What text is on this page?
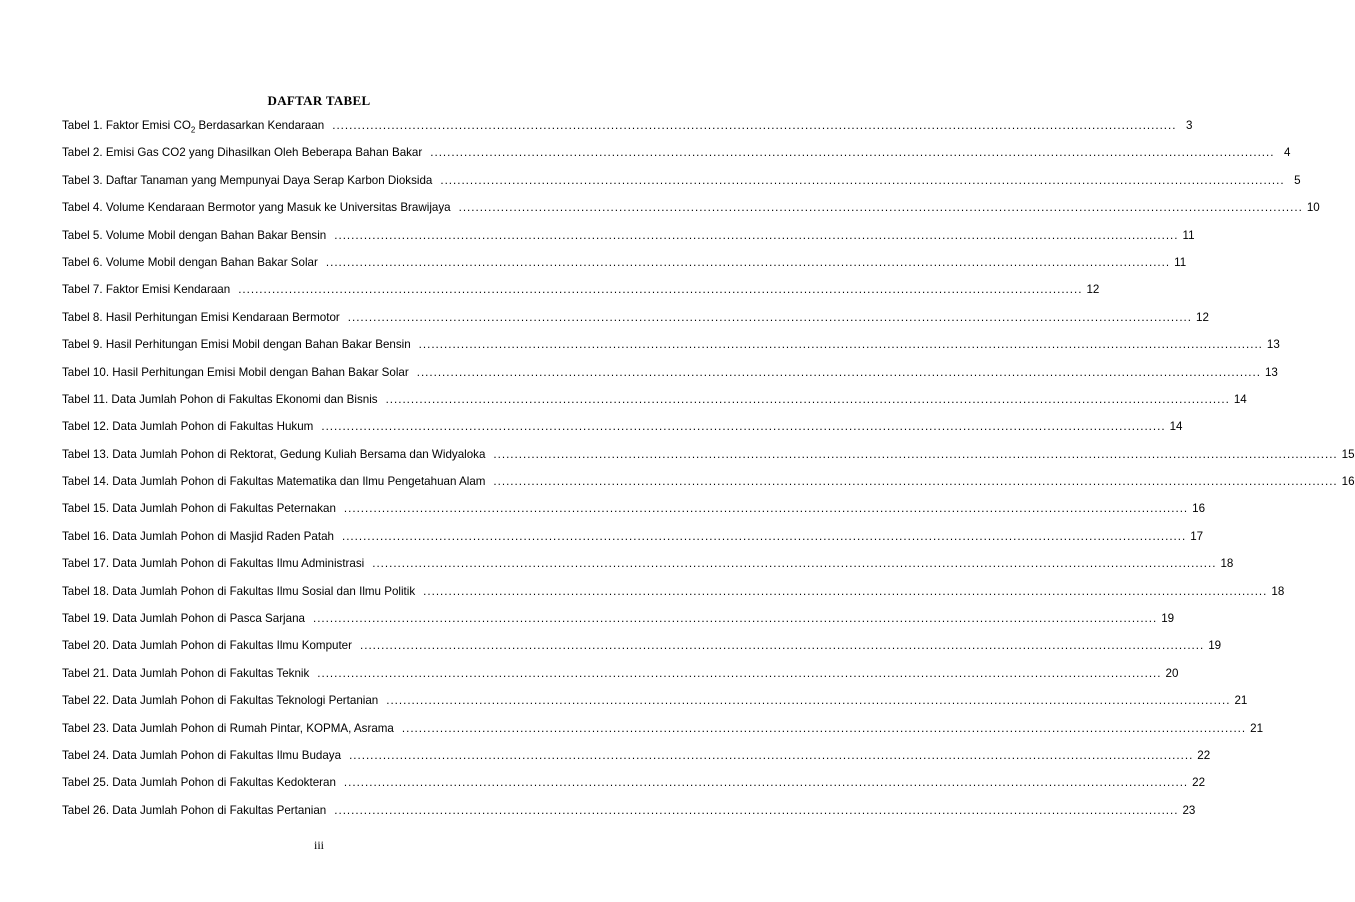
DAFTAR TABEL
Tabel 1. Faktor Emisi $CO_2$ Berdasarkan Kendaraan ........................................................................................................................................................................................................ 3
Tabel 2. Emisi Gas CO2 yang Dihasilkan Oleh Beberapa Bahan Bakar ........................................................................................................................................................................................................ 4
Tabel 3. Daftar Tanaman yang Mempunyai Daya Serap Karbon Dioksida ........................................................................................................................................................................................................ 5
Tabel 4. Volume Kendaraan Bermotor yang Masuk ke Universitas Brawijaya ........................................................................................................................................................................................................ 10
Tabel 5. Volume Mobil dengan Bahan Bakar Bensin ........................................................................................................................................................................................................ 11
Tabel 6. Volume Mobil dengan Bahan Bakar Solar ........................................................................................................................................................................................................ 11
Tabel 7. Faktor Emisi Kendaraan ........................................................................................................................................................................................................ 12
Tabel 8. Hasil Perhitungan Emisi Kendaraan Bermotor ........................................................................................................................................................................................................ 12
Tabel 9. Hasil Perhitungan Emisi Mobil dengan Bahan Bakar Bensin ........................................................................................................................................................................................................ 13
Tabel 10. Hasil Perhitungan Emisi Mobil dengan Bahan Bakar Solar ........................................................................................................................................................................................................ 13
Tabel 11. Data Jumlah Pohon di Fakultas Ekonomi dan Bisnis ........................................................................................................................................................................................................ 14
Tabel 12. Data Jumlah Pohon di Fakultas Hukum ........................................................................................................................................................................................................ 14
Tabel 13. Data Jumlah Pohon di Rektorat, Gedung Kuliah Bersama dan Widyaloka ........................................................................................................................................................................................................ 15
Tabel 14. Data Jumlah Pohon di Fakultas Matematika dan Ilmu Pengetahuan Alam ........................................................................................................................................................................................................ 16
Tabel 15. Data Jumlah Pohon di Fakultas Peternakan ........................................................................................................................................................................................................ 16
Tabel 16. Data Jumlah Pohon di Masjid Raden Patah ........................................................................................................................................................................................................ 17
Tabel 17. Data Jumlah Pohon di Fakultas Ilmu Administrasi ........................................................................................................................................................................................................ 18
Tabel 18. Data Jumlah Pohon di Fakultas Ilmu Sosial dan Ilmu Politik ........................................................................................................................................................................................................ 18
Tabel 19. Data Jumlah Pohon di Pasca Sarjana ........................................................................................................................................................................................................ 19
Tabel 20. Data Jumlah Pohon di Fakultas Ilmu Komputer ........................................................................................................................................................................................................ 19
Tabel 21. Data Jumlah Pohon di Fakultas Teknik ........................................................................................................................................................................................................ 20
Tabel 22. Data Jumlah Pohon di Fakultas Teknologi Pertanian ........................................................................................................................................................................................................ 21
Tabel 23. Data Jumlah Pohon di Rumah Pintar, KOPMA, Asrama ........................................................................................................................................................................................................ 21
Tabel 24. Data Jumlah Pohon di Fakultas Ilmu Budaya ........................................................................................................................................................................................................ 22
Tabel 25. Data Jumlah Pohon di Fakultas Kedokteran ........................................................................................................................................................................................................ 22
Tabel 26. Data Jumlah Pohon di Fakultas Pertanian ........................................................................................................................................................................................................ 23
iii
